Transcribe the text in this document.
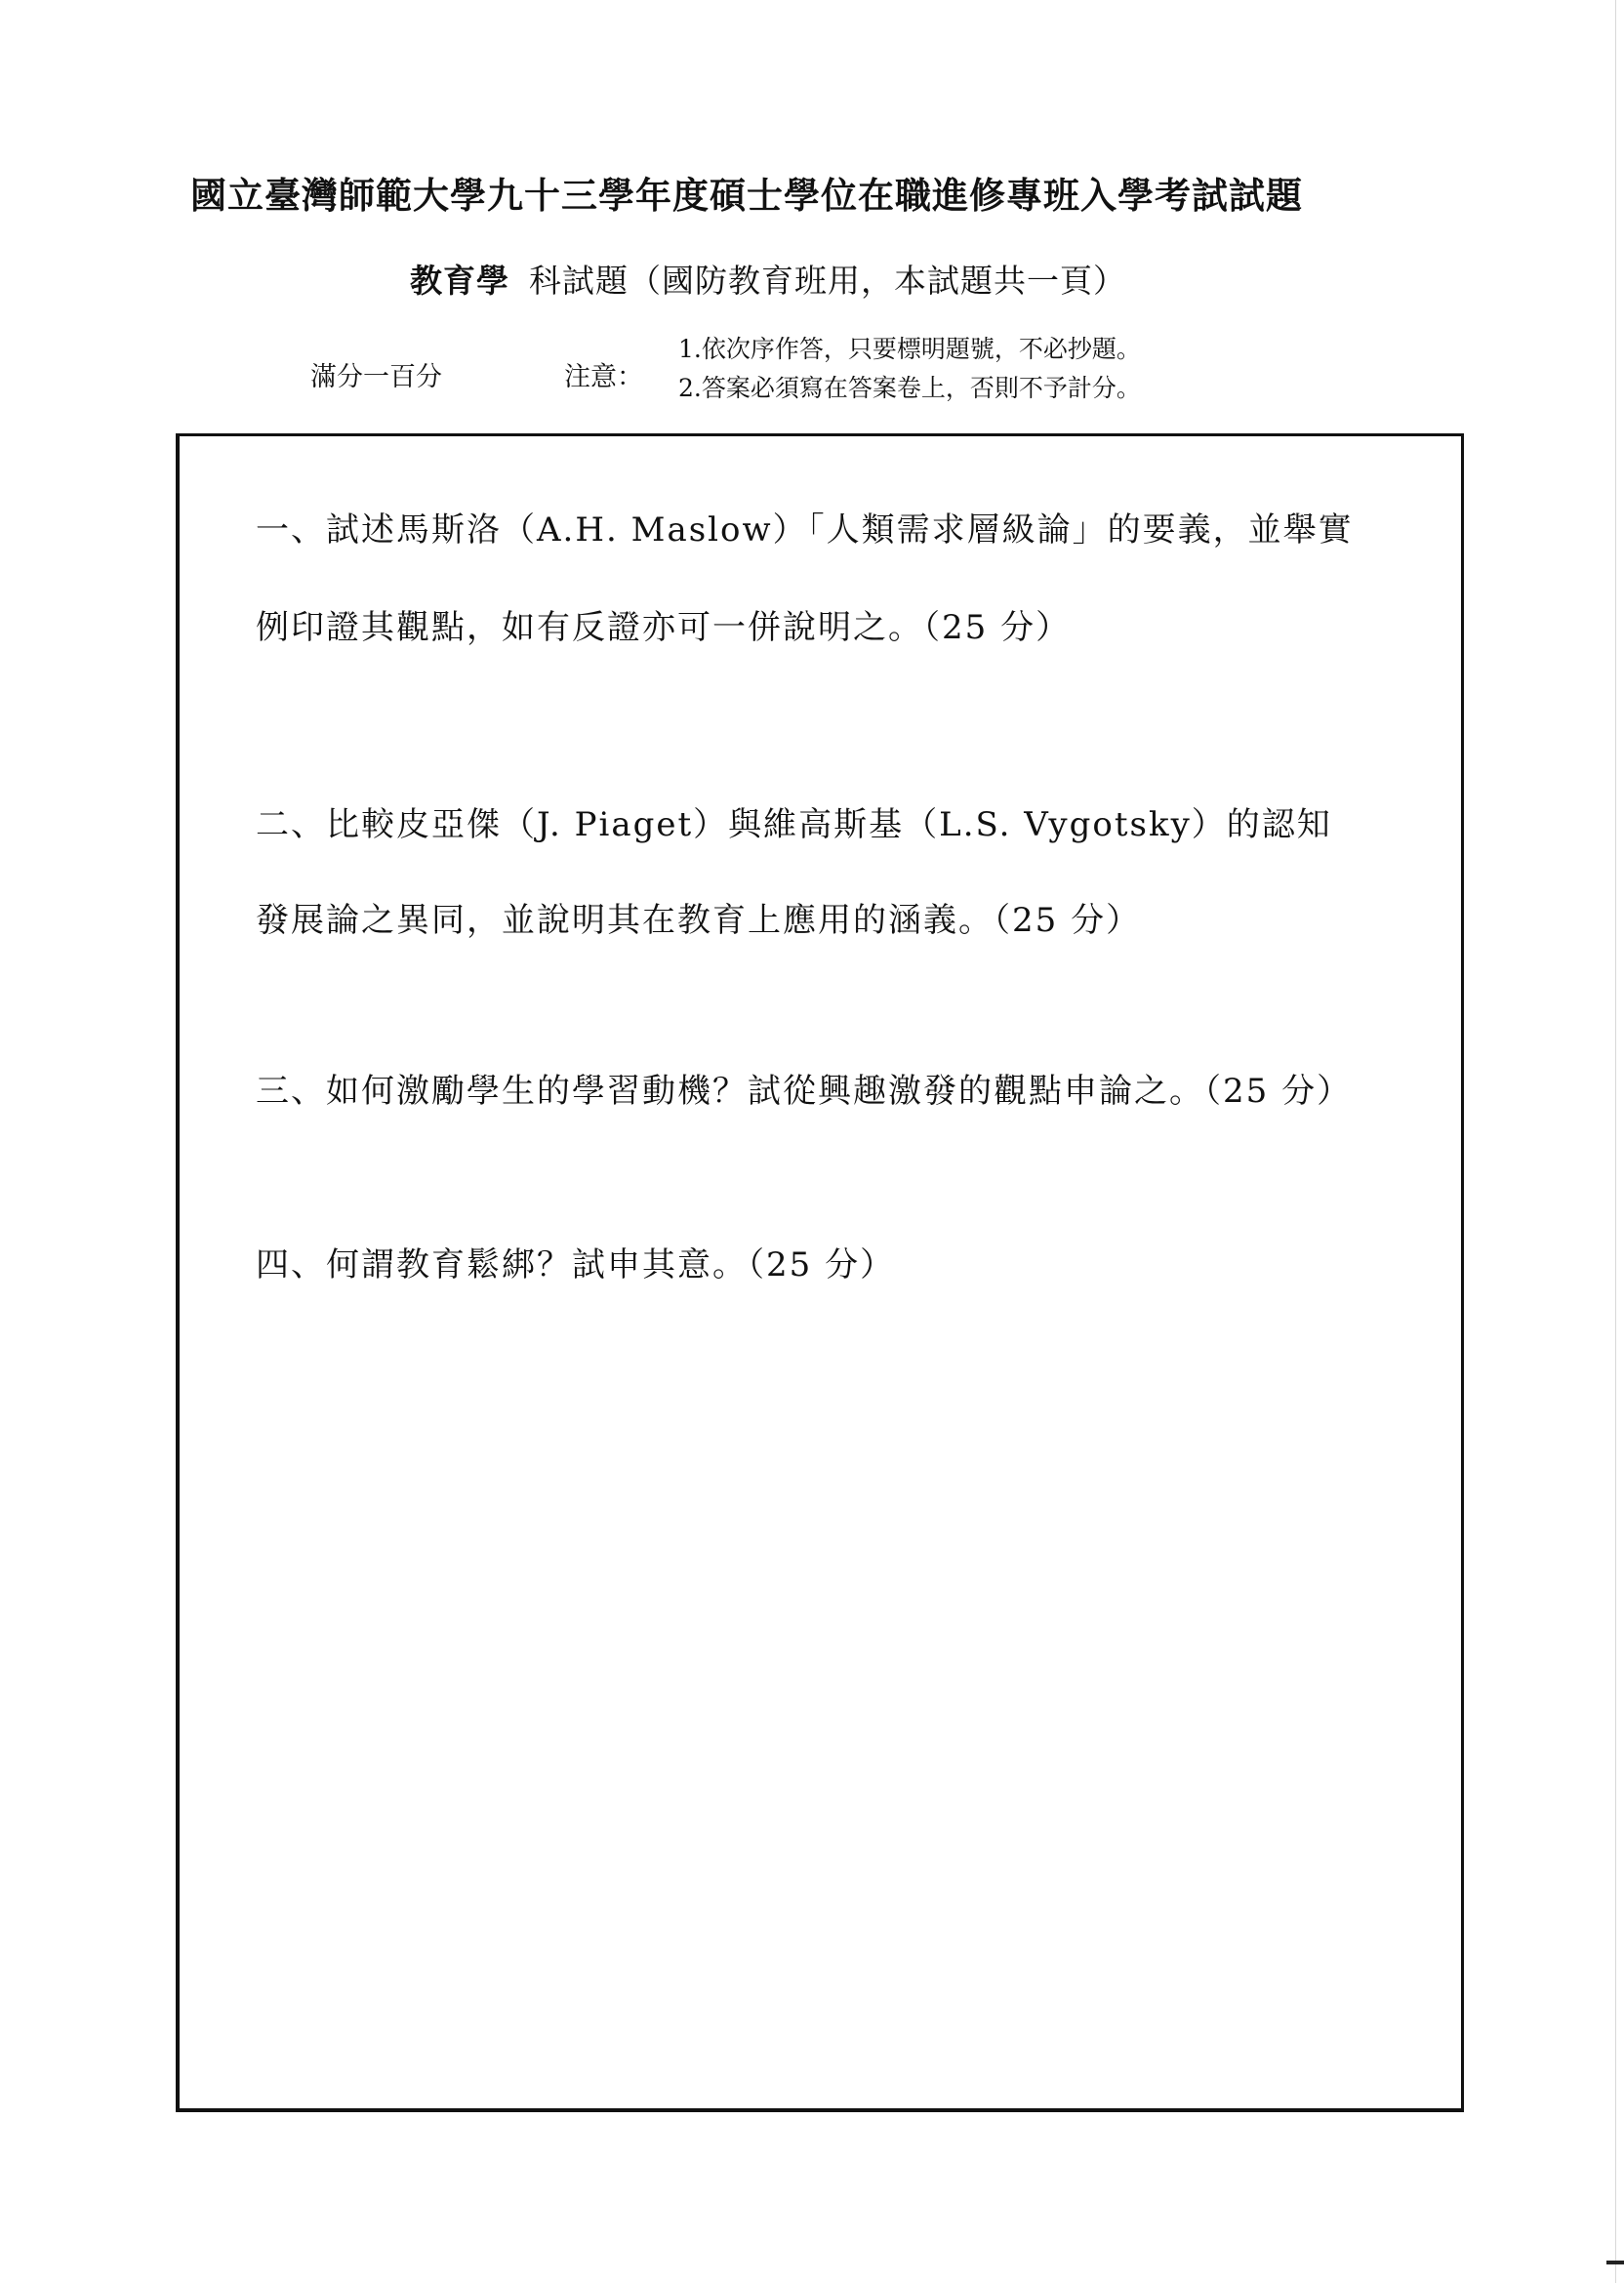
國立臺灣師範大學九十三學年度碩士學位在職進修專班入學考試試題
教育學 科試題（國防教育班用，本試題共一頁）
滿分一百分	注意：
1.依次序作答，只要標明題號，不必抄題。
2.答案必須寫在答案卷上，否則不予計分。
一、試述馬斯洛（A.H. Maslow）「人類需求層級論」的要義，並舉實
例印證其觀點，如有反證亦可一併說明之。（25 分）
二、比較皮亞傑（J. Piaget）與維高斯基（L.S. Vygotsky）的認知
發展論之異同，並說明其在教育上應用的涵義。（25 分）
三、如何激勵學生的學習動機？試從興趣激發的觀點申論之。（25 分）
四、何謂教育鬆綁？試申其意。（25 分）
